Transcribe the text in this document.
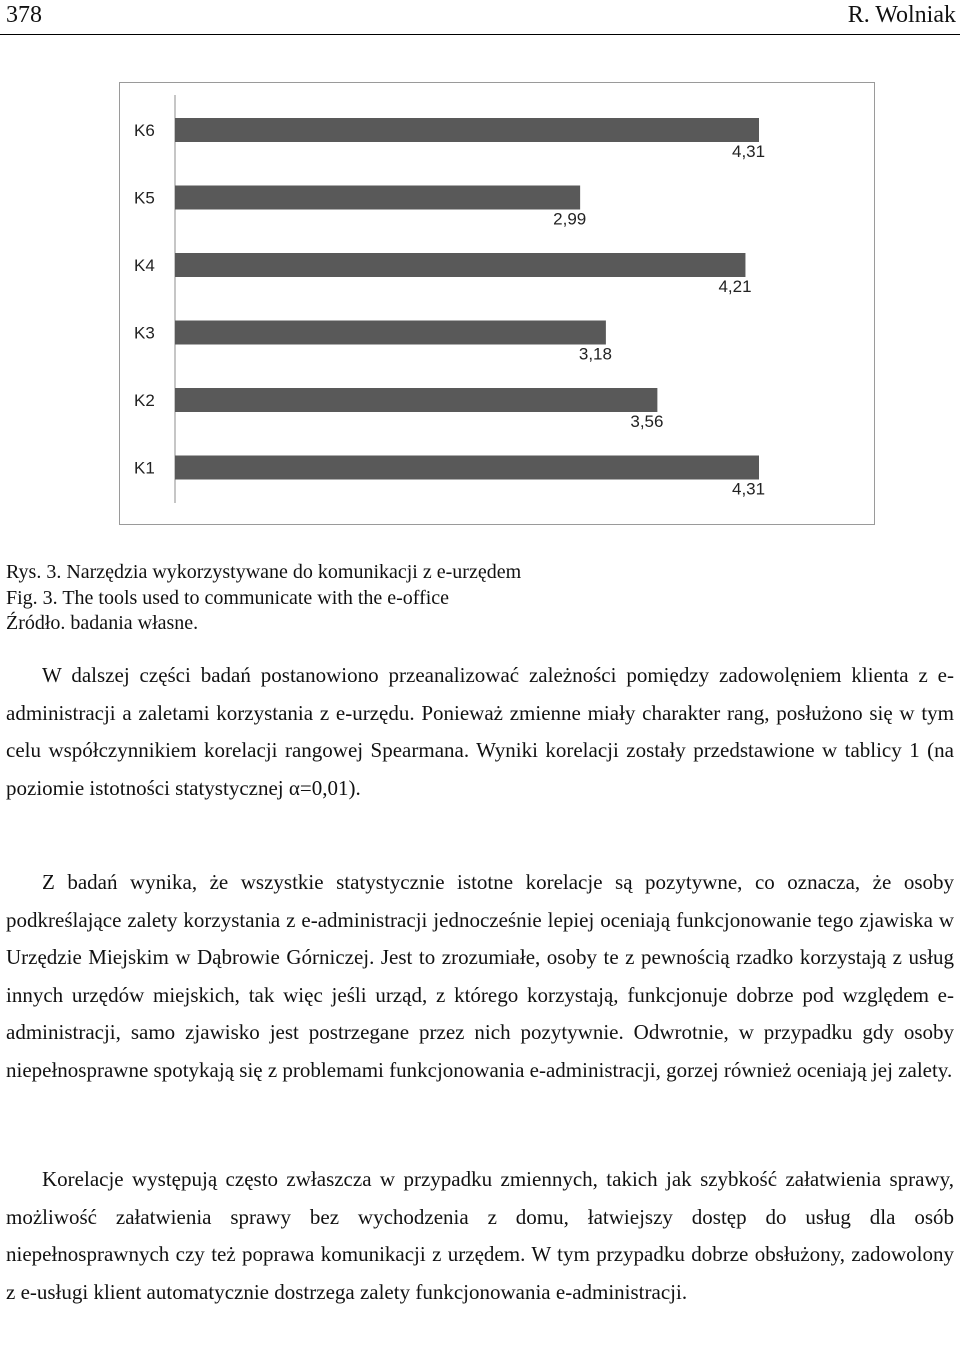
378	R. Wolniak
K6
4,31
K5
2,99
K4
4,21
K3
3,18
K2
3,56
K1
4,31
Rys. 3. Narzędzia wykorzystywane do komunikacji z e-urzędem
Fig. 3. The tools used to communicate with the e-office
Źródło. badania własne.

W dalszej części badań postanowiono przeanalizować zależności pomiędzy zadowolęniem klienta z e-administracji a zaletami korzystania z e-urzędu. Ponieważ zmienne miały charakter rang, posłużono się w tym celu współczynnikiem korelacji rangowej Spearmana. Wyniki korelacji zostały przedstawione w tablicy 1 (na poziomie istotności statystycznej α=0,01).

Z badań wynika, że wszystkie statystycznie istotne korelacje są pozytywne, co oznacza, że osoby podkreślające zalety korzystania z e-administracji jednocześnie lepiej oceniają funkcjonowanie tego zjawiska w Urzędzie Miejskim w Dąbrowie Górniczej. Jest to zrozumiałe, osoby te z pewnością rzadko korzystają z usług innych urzędów miejskich, tak więc jeśli urząd, z którego korzystają, funkcjonuje dobrze pod względem e-administracji, samo zjawisko jest postrzegane przez nich pozytywnie. Odwrotnie, w przypadku gdy osoby niepełnosprawne spotykają się z problemami funkcjonowania e-administracji, gorzej również oceniają jej zalety.

Korelacje występują często zwłaszcza w przypadku zmiennych, takich jak szybkość załatwienia sprawy, możliwość załatwienia sprawy bez wychodzenia z domu, łatwiejszy dostęp do usług dla osób niepełnosprawnych czy też poprawa komunikacji z urzędem. W tym przypadku dobrze obsłużony, zadowolony z e-usługi klient automatycznie dostrzega zalety funkcjonowania e-administracji.
